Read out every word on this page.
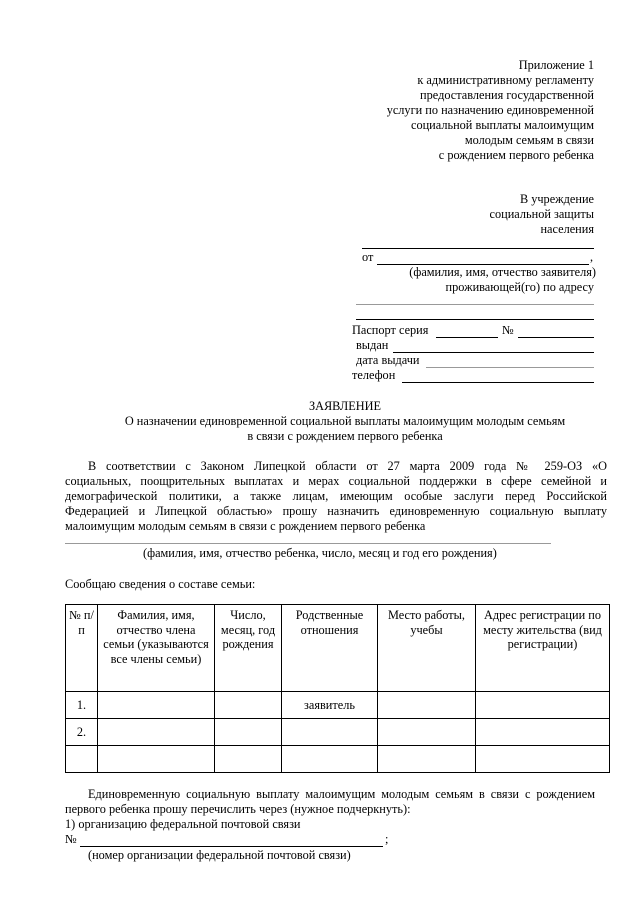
Приложение 1
к административному регламенту
предоставления государственной
услуги по назначению единовременной
социальной выплаты малоимущим
молодым семьям в связи
с рождением первого ребенка
В учреждение
социальной защиты
населения
от	,
(фамилия, имя, отчество заявителя)
проживающей(го) по адресу
Паспорт серия	№
выдан
дата выдачи
телефон
ЗАЯВЛЕНИЕ
О назначении единовременной социальной выплаты малоимущим молодым семьям
в связи с рождением первого ребенка
В соответствии с Законом Липецкой области от 27 марта 2009 года № 259-ОЗ «О
социальных, поощрительных выплатах и мерах социальной поддержки в сфере семейной и
демографической политики, а также лицам, имеющим особые заслуги перед Российской
Федерацией и Липецкой областью» прошу назначить единовременную социальную выплату
малоимущим молодым семьям в связи с рождением первого ребенка
(фамилия, имя, отчество ребенка, число, месяц и год его рождения)
Сообщаю сведения о составе семьи:
№ п/п	Фамилия, имя, отчество члена семьи (указываются все члены семьи)	Число, месяц, год рождения	Родственные отношения	Место работы, учебы	Адрес регистрации по месту жительства (вид регистрации)
1.			заявитель		
2.					

Единовременную социальную выплату малоимущим молодым семьям в связи с рождением
первого ребенка прошу перечислить через (нужное подчеркнуть):
1) организацию федеральной почтовой связи
№	;
(номер организации федеральной почтовой связи)
